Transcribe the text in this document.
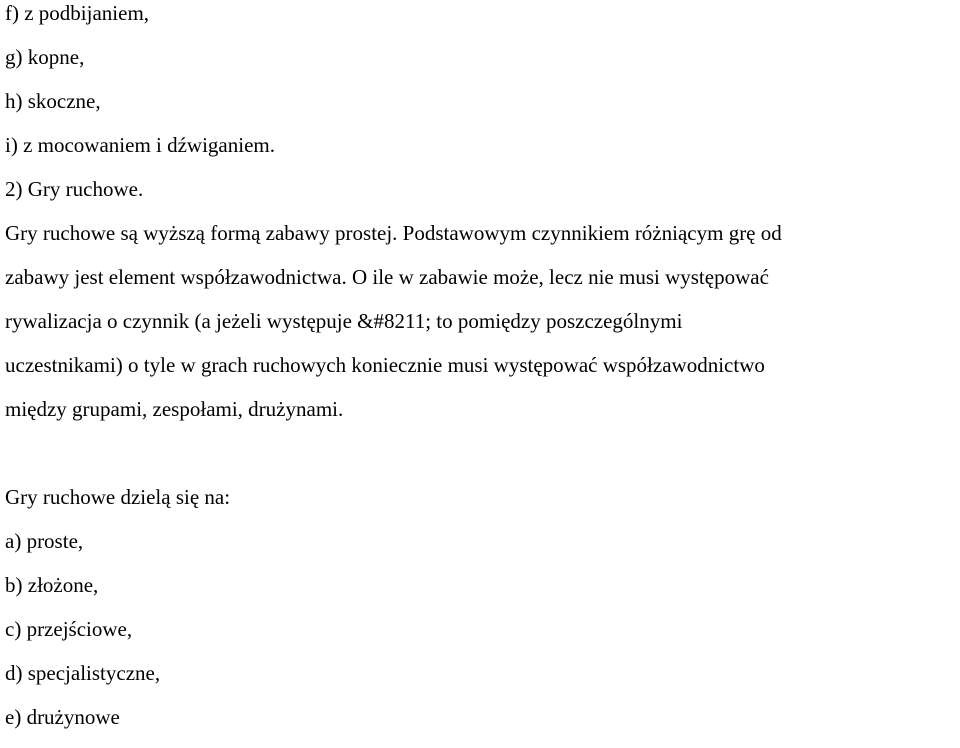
f) z podbijaniem,

g) kopne,

h) skoczne,

i) z mocowaniem i dźwiganiem.

2) Gry ruchowe.

Gry ruchowe są wyższą formą zabawy prostej. Podstawowym czynnikiem różniącym grę od

zabawy jest element współzawodnictwa. O ile w zabawie może, lecz nie musi występować

rywalizacja o czynnik (a jeżeli występuje &#8211; to pomiędzy poszczególnymi

uczestnikami) o tyle w grach ruchowych koniecznie musi występować współzawodnictwo

między grupami, zespołami, drużynami.

Gry ruchowe dzielą się na:

a) proste,

b) złożone,

c) przejściowe,

d) specjalistyczne,

e) drużynowe
